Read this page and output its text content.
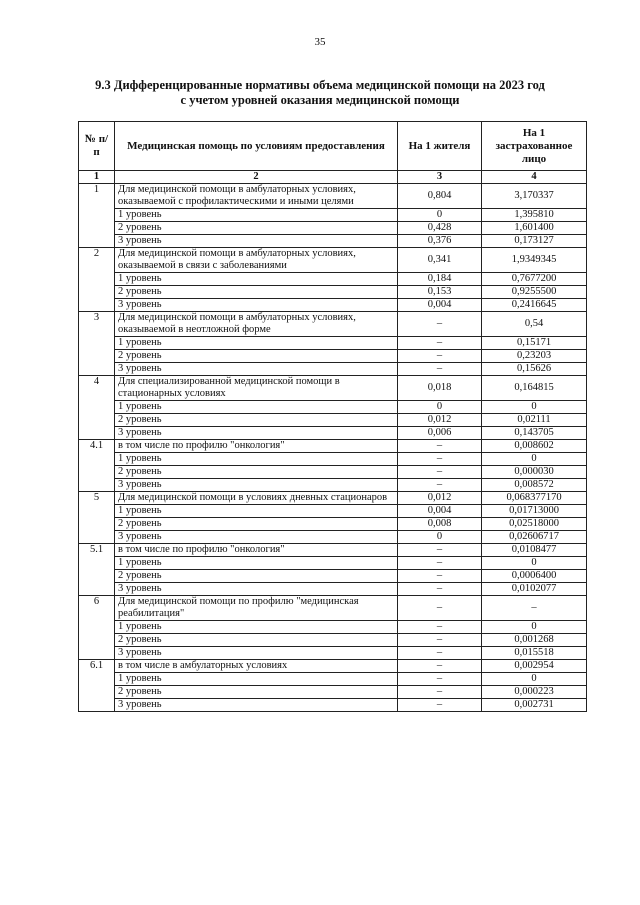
35
9.3 Дифференцированные нормативы объема медицинской помощи на 2023 год
с учетом уровней оказания медицинской помощи
№ п/п	Медицинская помощь по условиям предоставления	На 1 жителя	На 1 застрахованное лицо
1	2	3	4
1	Для медицинской помощи в амбулаторных условиях, оказываемой с профилактическими и иными целями	0,804	3,170337
	1 уровень	0	1,395810
	2 уровень	0,428	1,601400
	3 уровень	0,376	0,173127
2	Для медицинской помощи в амбулаторных условиях, оказываемой в связи с заболеваниями	0,341	1,9349345
	1 уровень	0,184	0,7677200
	2 уровень	0,153	0,9255500
	3 уровень	0,004	0,2416645
3	Для медицинской помощи в амбулаторных условиях, оказываемой в неотложной форме	–	0,54
	1 уровень	–	0,15171
	2 уровень	–	0,23203
	3 уровень	–	0,15626
4	Для специализированной медицинской помощи в стационарных условиях	0,018	0,164815
	1 уровень	0	0
	2 уровень	0,012	0,02111
	3 уровень	0,006	0,143705
4.1	в том числе по профилю "онкология"	–	0,008602
	1 уровень	–	0
	2 уровень	–	0,000030
	3 уровень	–	0,008572
5	Для медицинской помощи в условиях дневных стационаров	0,012	0,068377170
	1 уровень	0,004	0,01713000
	2 уровень	0,008	0,02518000
	3 уровень	0	0,02606717
5.1	в том числе по профилю "онкология"	–	0,0108477
	1 уровень	–	0
	2 уровень	–	0,0006400
	3 уровень	–	0,0102077
6	Для медицинской помощи по профилю "медицинская реабилитация"	–	–
	1 уровень	–	0
	2 уровень	–	0,001268
	3 уровень	–	0,015518
6.1	в том числе в амбулаторных условиях	–	0,002954
	1 уровень	–	0
	2 уровень	–	0,000223
	3 уровень	–	0,002731
